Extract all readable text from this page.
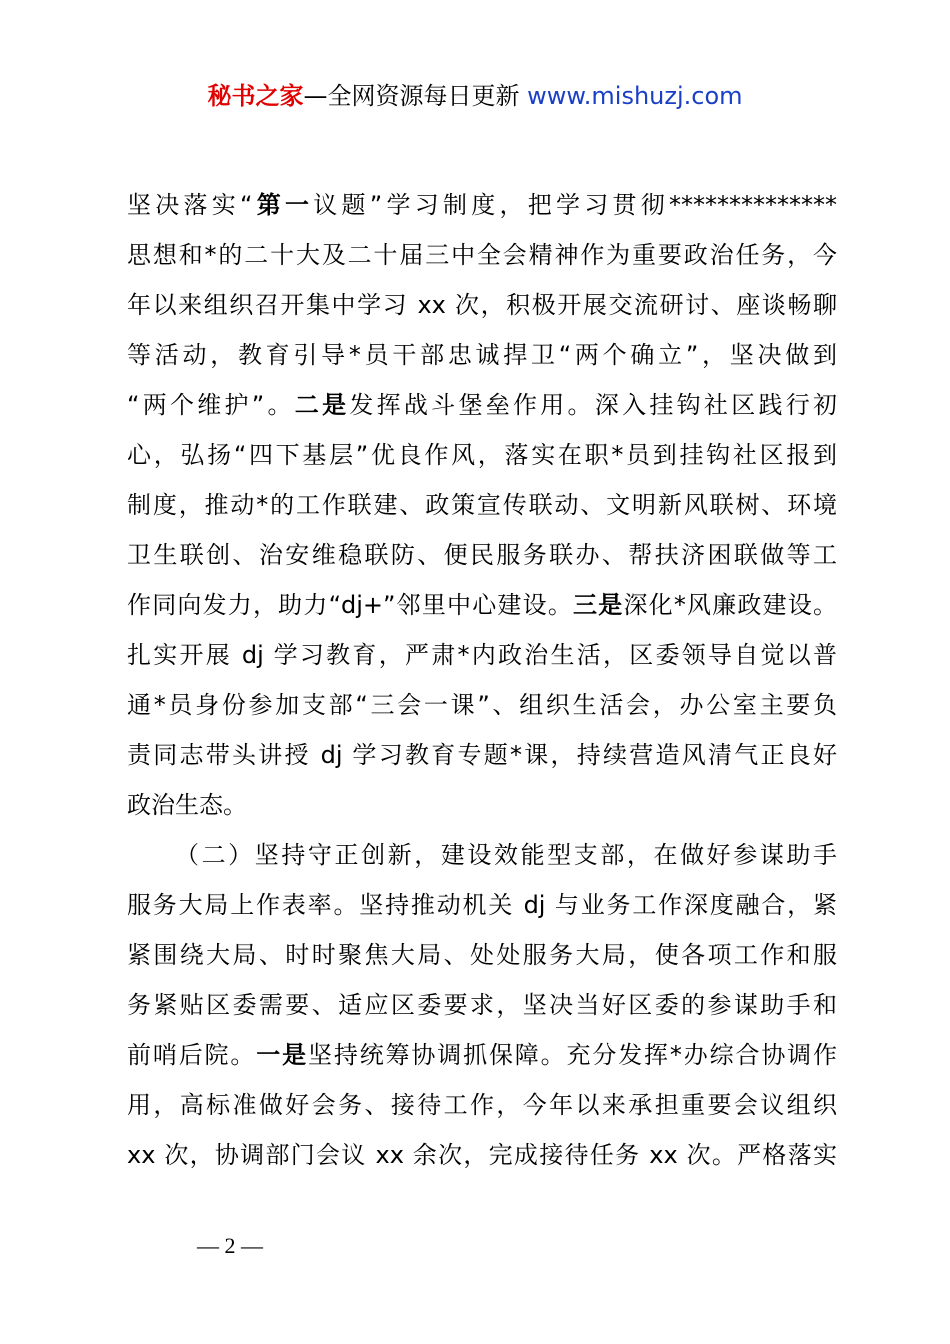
秘书之家—全网资源每日更新 www.mishuzj.com
坚决落实“第一议题”学习制度，把学习贯彻**************
思想和*的二十大及二十届三中全会精神作为重要政治任务，今
年以来组织召开集中学习 xx 次，积极开展交流研讨、座谈畅聊
等活动，教育引导*员干部忠诚捍卫“两个确立”，坚决做到
“两个维护”。二是发挥战斗堡垒作用。深入挂钩社区践行初
心，弘扬“四下基层”优良作风，落实在职*员到挂钩社区报到
制度，推动*的工作联建、政策宣传联动、文明新风联树、环境
卫生联创、治安维稳联防、便民服务联办、帮扶济困联做等工
作同向发力，助力“dj+”邻里中心建设。三是深化*风廉政建设。
扎实开展 dj 学习教育，严肃*内政治生活，区委领导自觉以普
通*员身份参加支部“三会一课”、组织生活会，办公室主要负
责同志带头讲授 dj 学习教育专题*课，持续营造风清气正良好
政治生态。
（二）坚持守正创新，建设效能型支部，在做好参谋助手
服务大局上作表率。坚持推动机关 dj 与业务工作深度融合，紧
紧围绕大局、时时聚焦大局、处处服务大局，使各项工作和服
务紧贴区委需要、适应区委要求，坚决当好区委的参谋助手和
前哨后院。一是坚持统筹协调抓保障。充分发挥*办综合协调作
用，高标准做好会务、接待工作，今年以来承担重要会议组织
xx 次，协调部门会议 xx 余次，完成接待任务 xx 次。严格落实
— 2 —
